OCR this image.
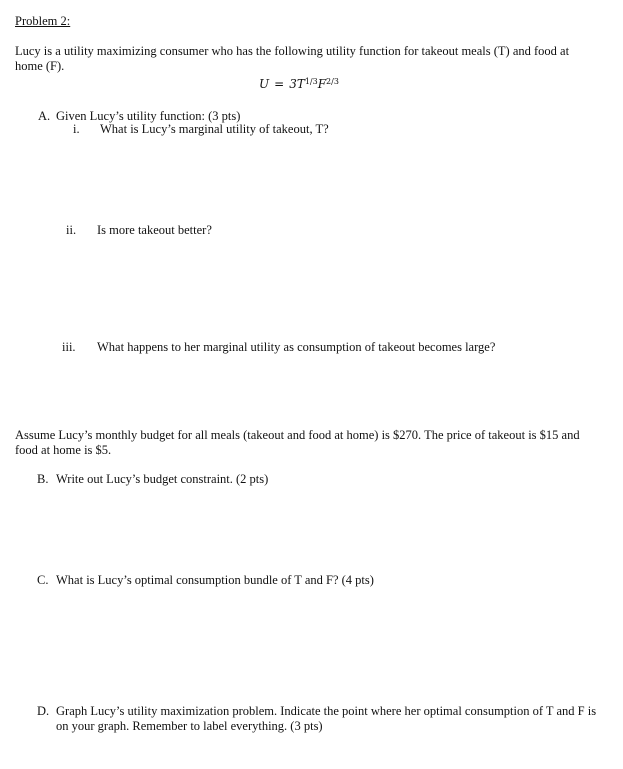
Problem 2:
Lucy is a utility maximizing consumer who has the following utility function for takeout meals (T) and food at home (F).
$U = 3T^{1/3}F^{2/3}$
A. Given Lucy’s utility function: (3 pts)
i. What is Lucy’s marginal utility of takeout, T?
ii. Is more takeout better?
iii. What happens to her marginal utility as consumption of takeout becomes large?
Assume Lucy’s monthly budget for all meals (takeout and food at home) is $270. The price of takeout is $15 and food at home is $5.
B. Write out Lucy’s budget constraint. (2 pts)
C. What is Lucy’s optimal consumption bundle of T and F? (4 pts)
D. Graph Lucy’s utility maximization problem. Indicate the point where her optimal consumption of T and F is on your graph. Remember to label everything. (3 pts)
